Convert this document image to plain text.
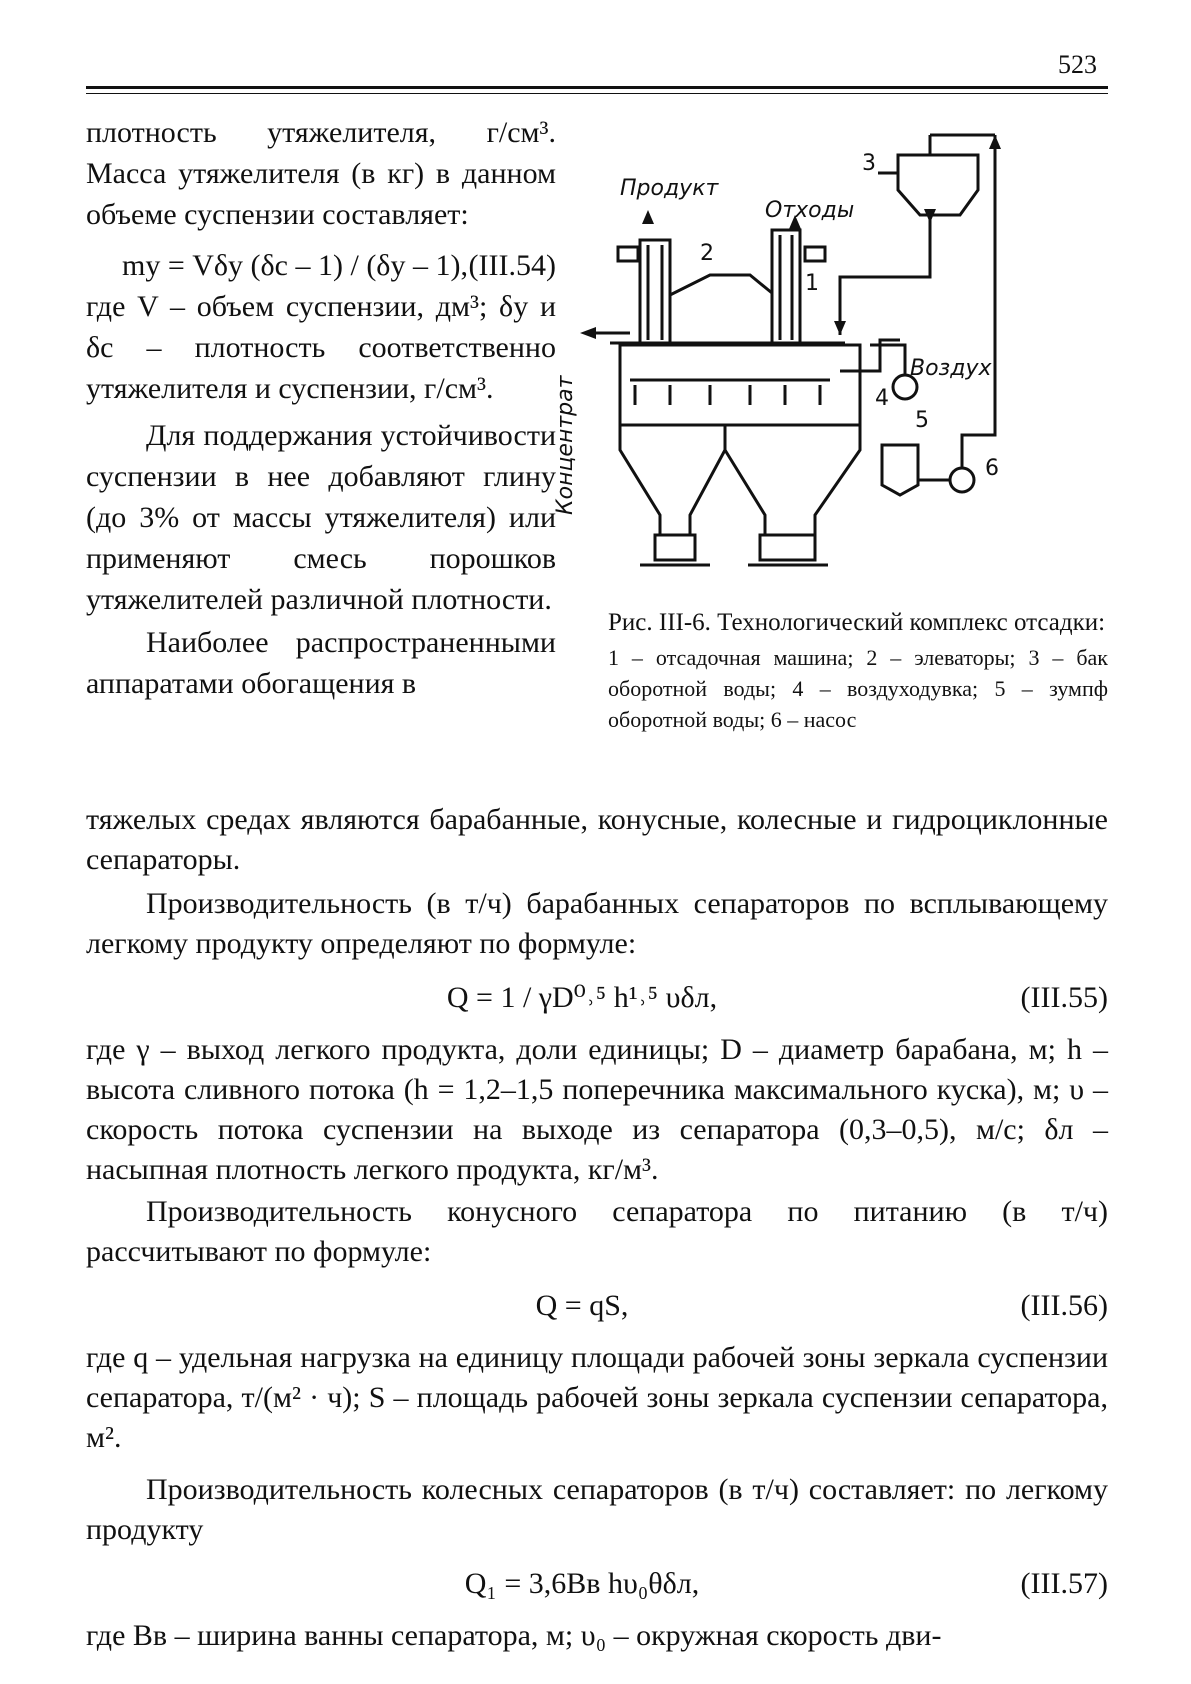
523

плотность утяжелителя, г/см³. Масса утяжелителя (в кг) в данном объеме суспензии составляет:

mу = Vδу (δс – 1) / (δу – 1), (III.54)

где V – объем суспензии, дм³; δу и δс – плотность соответственно утяжелителя и суспензии, г/см³.

Для поддержания устойчивости суспензии в нее добавляют глину (до 3% от массы утяжелителя) или применяют смесь порошков утяжелителей различной плотности.

Наиболее распространенными аппаратами обогащения в

Продукт
Отходы
Воздух
Концентрат
1
2
3
4
5
6

Рис. III-6. Технологический комплекс отсадки:

1 – отсадочная машина; 2 – элеваторы; 3 – бак оборотной воды; 4 – воздуходувка; 5 – зумпф оборотной воды; 6 – насос

тяжелых средах являются барабанные, конусные, колесные и гидроциклонные сепараторы.

Производительность (в т/ч) барабанных сепараторов по всплывающему легкому продукту определяют по формуле:

Q = 1 / γD⁰˒⁵ h¹˒⁵ υδл,	(III.55)

где γ – выход легкого продукта, доли единицы; D – диаметр барабана, м; h –высота сливного потока (h = 1,2–1,5 поперечника максимального куска), м; υ – скорость потока суспензии на выходе из сепаратора (0,3–0,5), м/с; δл – насыпная плотность легкого продукта, кг/м³.

Производительность конусного сепаратора по питанию (в т/ч) рассчитывают по формуле:

Q = qS,	(III.56)

где q – удельная нагрузка на единицу площади рабочей зоны зеркала суспензии сепаратора, т/(м² · ч); S – площадь рабочей зоны зеркала суспензии сепаратора, м².

Производительность колесных сепараторов (в т/ч) составляет: по легкому продукту

Q₁ = 3,6Bв hυ₀θδл,	(III.57)

где Bв – ширина ванны сепаратора, м; υ₀ – окружная скорость дви-
